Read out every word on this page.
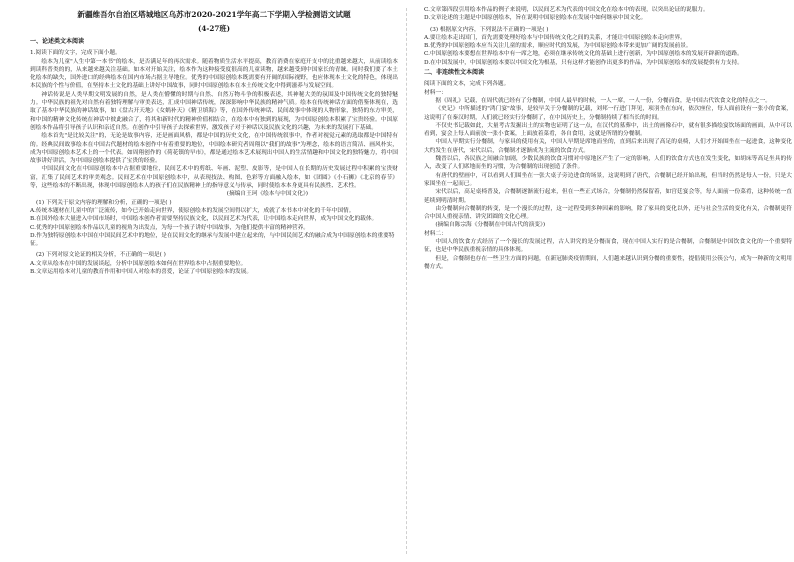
新疆维吾尔自治区塔城地区乌苏市2020-2021学年高二下学期入学检测语文试题
(4-27班)
一、论述类文本阅读

1.阅读下面的文字，完成下面小题。

绘本为儿童"人生中第一本书"的绘本，是否满足年的再次需求。随着物质生活水平提高，教育消费在家庭开支中的比重越来越大，从前读绘本到读科普类的的，从来越来越关注基础。如本对开始关注，绘本作为这种接受度很高的儿童读物，越来越受到中国家长的青睐。同时我们要了本土化绘本的缺失，国外进口的经典绘本在国内市场占据主导地位。优秀的中国原创绘本既需要有开阔的国际视野，也应体现本土文化的特色，体现出本民族的个性与价值，在坚持本土文化的基础上讲好中国故事，同时中国原创绘本在本土传统文化中得到滋养与发展空间。

神话传说是人类早期文明发展的自然，是人类在懵懂的时期与自然、自然万物斗争的积极表述，其神秘大美的氛围及中国传统文化的独特魅力。中华民族的祖先对自然有着独特理解与审美表达，汇成中国神话传统，深深影响中华民族的精神气质。绘本在传统神话方面的借鉴体现在，选取了基本中华民族的神话故事，如《盘古开天地》《女娲补天》《精卫填海》等，在国外传统神话、民间故事中体现的人物形象，独特的东方审美，和中国的精神文化传统在神话中彼此融合了，将其和新时代的精神价值相结合，在绘本中有独到的展现，为中国原创绘本积累了宝贵经验。中国原创绘本作品将引导孩子认识和亲近自然。在创作中引导孩子去探索世界，激发孩子对于神话以及民族文化的兴趣，为未来的发展打下基础。

绘本首先"是比较关注"的，无论是故事内容，还是画面风格，都是中国的历史文化，在中国传统叙事中，作者对视觉元素的选取都是中国特有的。经典民间故事绘本在中国古代题材的绘本创作中有着重要的地位，中国绘本研究者周翔以"我们的故事"为理念，绘本的语言简洁、画风朴实，成为中国原创绘本艺术上的一个代表。如周翔创作的《荷花镇的早市》，都是通过绘本艺术展现出中国人的生活情趣和中国文化的独特魅力，将中国故事讲好讲活，为中国原创绘本提供了宝贵的经验。

中国民间文化在中国原创绘本中占据重要地位，民间艺术中的剪纸、年画、泥塑、皮影等，是中国人在长期的历史发展过程中积累的宝贵财富，汇集了民间艺术的审美观念。民间艺术在中国原创绘本中，从表现技法、构图、色彩等方面融入绘本，如《团圆》《小石狮》《北京的春节》等，这些绘本的不断出现，体现中国原创绘本人的孩子们在民族精神上的指导意义与传承，同时使绘本本身更具有民族性、艺术性。

(摘编自王珂《绘本与中国文化》)

(1) 下列关于原文内容的理解和分析，正确的一项是( )

A.传统本题材在儿童中的广泛流传，如今已开始走向世界，使原创绘本的发展空间得以扩大，成就了本书本中对化的千年中国情。

B.在国外绘本大量进入中国市场时，中国绘本创作者需要坚持民族文化，以民间艺术为代表，让中国绘本走向世界，成为中国文化的载体。

C.优秀的中国原创绘本作品以儿童的视角为出发点，为每一个孩子讲好中国故事，为他们提供丰富的精神营养。

D.作为独特原创绘本中国在中国民间艺术中的地位，是在民间文化的继承与发展中建立起来的，与中国民间艺术的融合成为中国原创绘本的重要特征。

(2) 下列对原文论证的相关分析，不正确的一项是( )

A.文章从绘本在中国的发展谈起，分析中国原创绘本如何在世界绘本中占据重要地位。

B.文章运用绘本对儿童的教育作用和中国人对绘本的喜爱，论证了中国原创绘本的发展。

C.文章第四段引用绘本作品的例子来说明，以民间艺术为代表的中国文化在绘本中的表现，以突出论证的说服力。

D.文章论述的主题是中国原创绘本，旨在说明中国原创绘本在发展中如何继承中国文化。

(3) 根据原文内容，下列说法不正确的一项是( )

A.要让绘本走出国门，首先需要处理好绘本与中国传统文化之间的关系，才能让中国原创绘本走向世界。

B.优秀的中国原创绘本应当关注儿童的需求，顺应时代的发展，为中国原创绘本带来更加广阔的发展前景。

C.中国原创绘本要想在世界绘本中有一席之地，必须在继承传统文化的基础上进行创新，为中国原创绘本的发展开辟新的道路。

D.在中国发展中，中国原创绘本要以中国文化为根基，只有这样才能创作出更多的作品，为中国原创绘本的发展提供有力支持。

二、非连续性文本阅读

阅读下面的文本，完成下列各题。

材料一：

据《周礼》记载，在周代就已经有了分餐制，中国人最早的时候，一人一席，一人一份，分餐而食，是中国古代饮食文化的特点之一。

《史记》中所描述的"鸿门宴"故事，是较早关于分餐制的记载，刘邦一行进门拜见，项羽坐在东向，依次座位，每人面前设有一张小的食案，这说明了在秦汉时期，人们就已经实行分餐制了，在中国历史上，分餐制持续了相当长的时间。

不仅史书记载如此，大量考古发掘出土的实物也证明了这一点，在汉代的墓葬中，出土的画像石中，就有很多描绘宴饮场面的画面，从中可以看到，宴会上每人面前放一张小食案，上面放着菜肴，各自食用，这就是所谓的分餐制。

中国人早期实行分餐制，与家具的使用有关，中国人早期是席地而坐的，直到后来出现了高足的桌椅，人们才开始围坐在一起进食，这种变化大约发生在唐代，宋代以后，合餐制才逐渐成为主流的饮食方式。

魏晋以后，各民族之间融合加剧，少数民族的饮食习惯对中原地区产生了一定的影响，人们的饮食方式也在发生变化，如胡床等高足坐具的传入，改变了人们席地而坐的习惯，为合餐制的出现创造了条件。

有唐代的壁画中，可以看到人们围坐在一张大桌子旁边进食的场景，这说明到了唐代，合餐制已经开始出现，但当时仍然是每人一份，只是大家围坐在一起而已。

宋代以后，高足桌椅普及，合餐制逐渐流行起来，但在一些正式场合，分餐制仍然保留着，如宫廷宴会等，每人面前一份菜肴，这种传统一直延续到明清时期。

由分餐制向合餐制的转变，是一个漫长的过程，这一过程受到多种因素的影响，除了家具的变化以外，还与社会生活的变化有关，合餐制更符合中国人重视亲情、讲究团圆的文化心理。

(摘编自陈宗海《分餐制在中国古代的演变》)

材料二：

中国人的饮食方式经历了一个漫长的发展过程，古人讲究的是分餐而食，现在中国人实行的是合餐制，合餐制是中国饮食文化的一个重要特征，也是中华民族重视亲情的具体体现。

但是，合餐制也存在一些卫生方面的问题，在新冠肺炎疫情期间，人们越来越认识到分餐的重要性，提倡使用公筷公勺，成为一种新的文明用餐方式。
